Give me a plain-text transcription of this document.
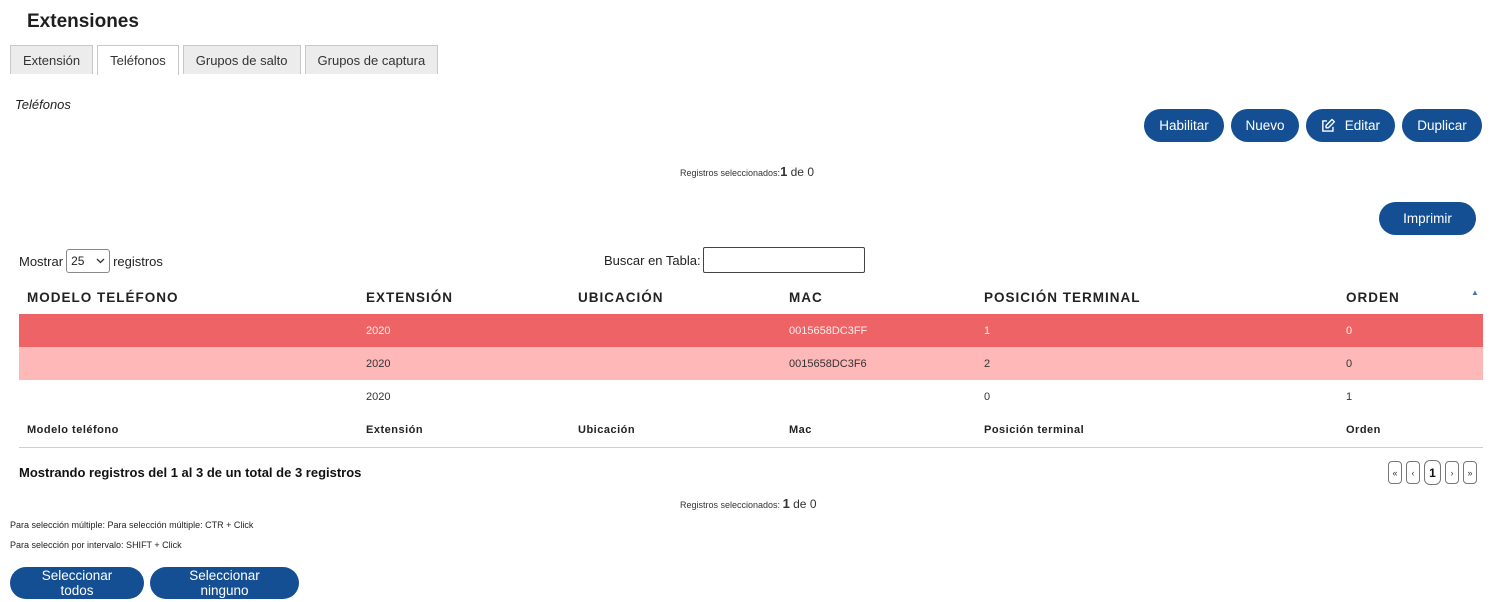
Extensiones
Extensión	Teléfonos	Grupos de salto	Grupos de captura
Teléfonos
Habilitar	Nuevo	Editar	Duplicar
Registros seleccionados:1 de 0
Imprimir
Mostrar 25 registros	Buscar en Tabla:
▲
MODELO TELÉFONO	EXTENSIÓN	UBICACIÓN	MAC	POSICIÓN TERMINAL	ORDEN
	2020		0015658DC3FF	1	0
	2020		0015658DC3F6	2	0
	2020			0	1
Modelo teléfono	Extensión	Ubicación	Mac	Posición terminal	Orden
Mostrando registros del 1 al 3 de un total de 3 registros	«	‹	1	›	»
Registros seleccionados: 1 de 0
Para selección múltiple: Para selección múltiple: CTR + Click
Para selección por intervalo: SHIFT + Click
Seleccionar todos
Seleccionar ninguno
